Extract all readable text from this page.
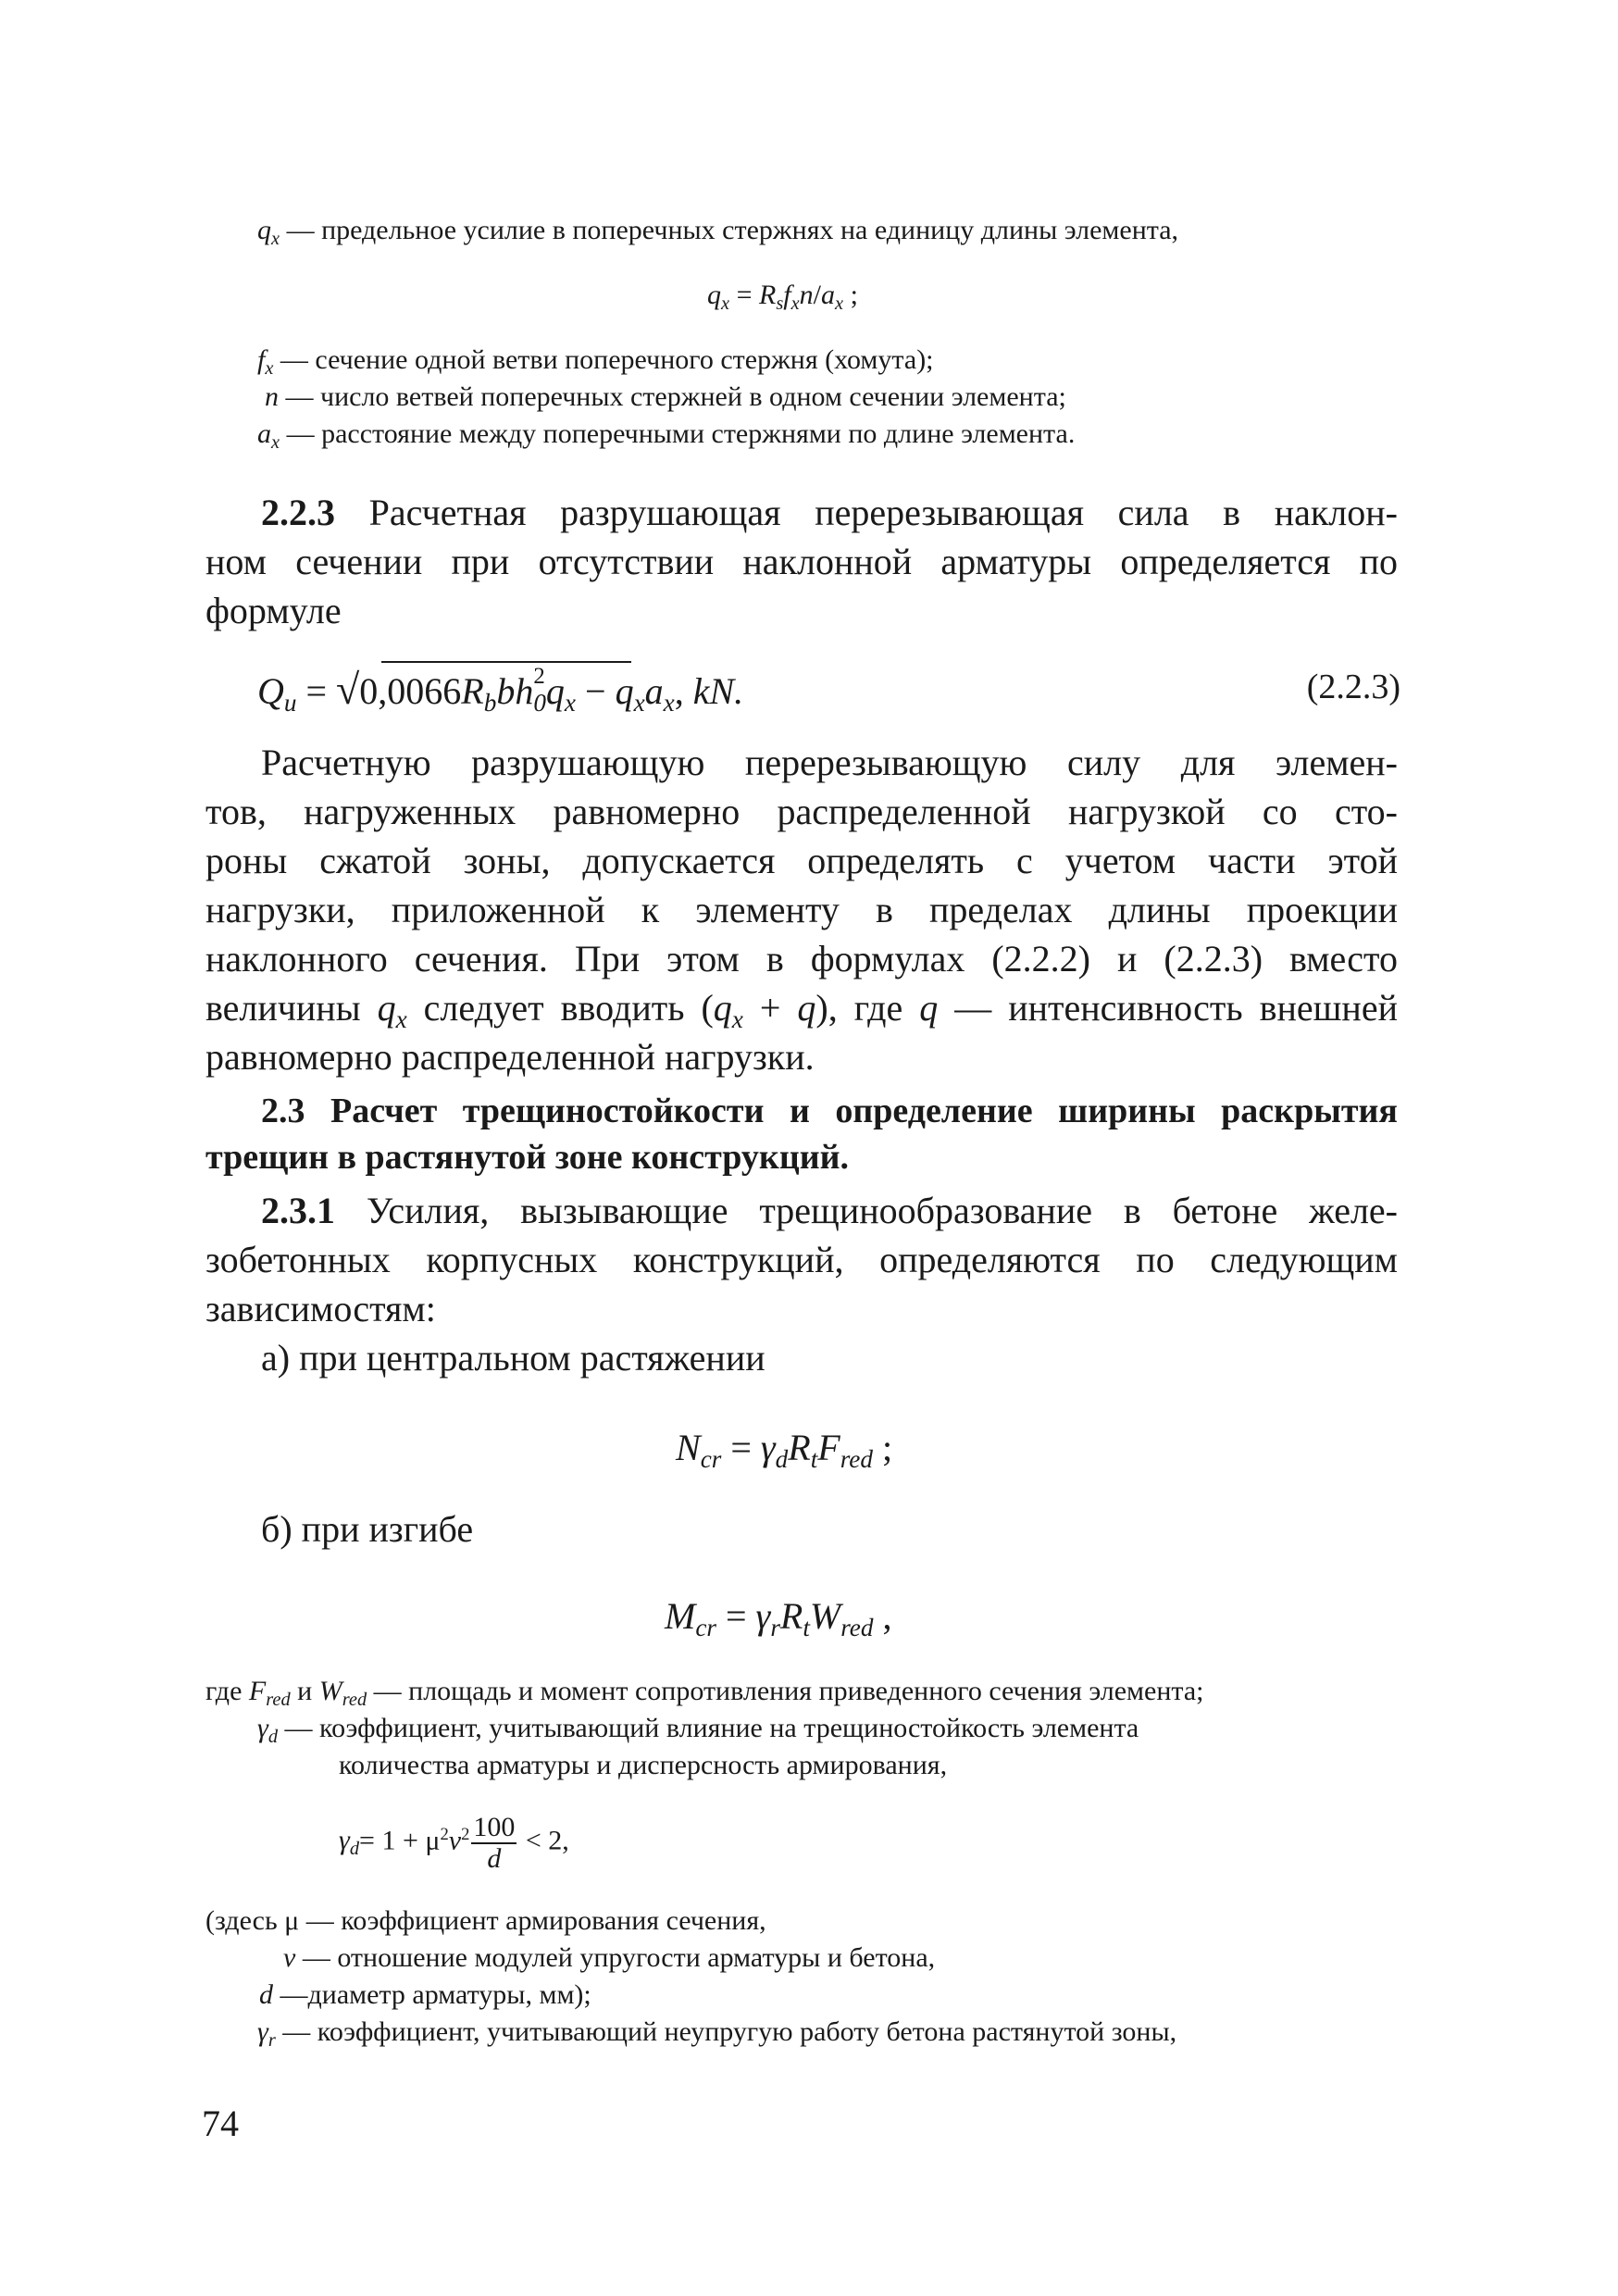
$q_x$ — предельное усилие в поперечных стержнях на единицу длины элемента,
$q_x = R_sf_xn/a_x$ ;
$f_x$ — сечение одной ветви поперечного стержня (хомута);
n — число ветвей поперечных стержней в одном сечении элемента;
$a_x$ — расстояние между поперечными стержнями по длине элемента.
2.2.3 Расчетная разрушающая перерезывающая сила в наклон-
ном сечении при отсутствии наклонной арматуры определяется по
формуле
$Q_u = √0,0066R_bbh$ 2
$_0q_x - q_xa_x$, kN.	(2.2.3)
Расчетную разрушающую перерезывающую силу для элемен-
тов, нагруженных равномерно распределенной нагрузкой со сто-
роны сжатой зоны, допускается определять с учетом части этой
нагрузки, приложенной к элементу в пределах длины проекции
наклонного сечения. При этом в формулах (2.2.2) и (2.2.3) вместо
величины $q_x$ следует вводить $(q_x + q)$, где q — интенсивность внешней
равномерно распределенной нагрузки.
2.3 Расчет трещиностойкости и определение ширины раскрытия
трещин в растянутой зоне конструкций.
2.3.1 Усилия, вызывающие трещинообразование в бетоне желе-
зобетонных корпусных конструкций, определяются по следующим
зависимостям:
а) при центральном растяжении
$N_{cr} = \gamma_dR_tF_{red}$ ;
б) при изгибе
$M_{cr} = \gamma_rR_tW_{red}$ ,
где $F_{red}$ и $W_{red}$ — площадь и момент сопротивления приведенного сечения элемента;
$\gamma_d$ — коэффициент, учитывающий влияние на трещиностойкость элемента
количества арматуры и дисперсность армирования,
$\gamma_d= 1 + \mu^2\nu^2 \frac{100}{d} < 2$,
(здесь μ — коэффициент армирования сечения,
ν — отношение модулей упругости арматуры и бетона,
d —диаметр арматуры, мм);
$\gamma_r$ — коэффициент, учитывающий неупругую работу бетона растянутой зоны,
74
